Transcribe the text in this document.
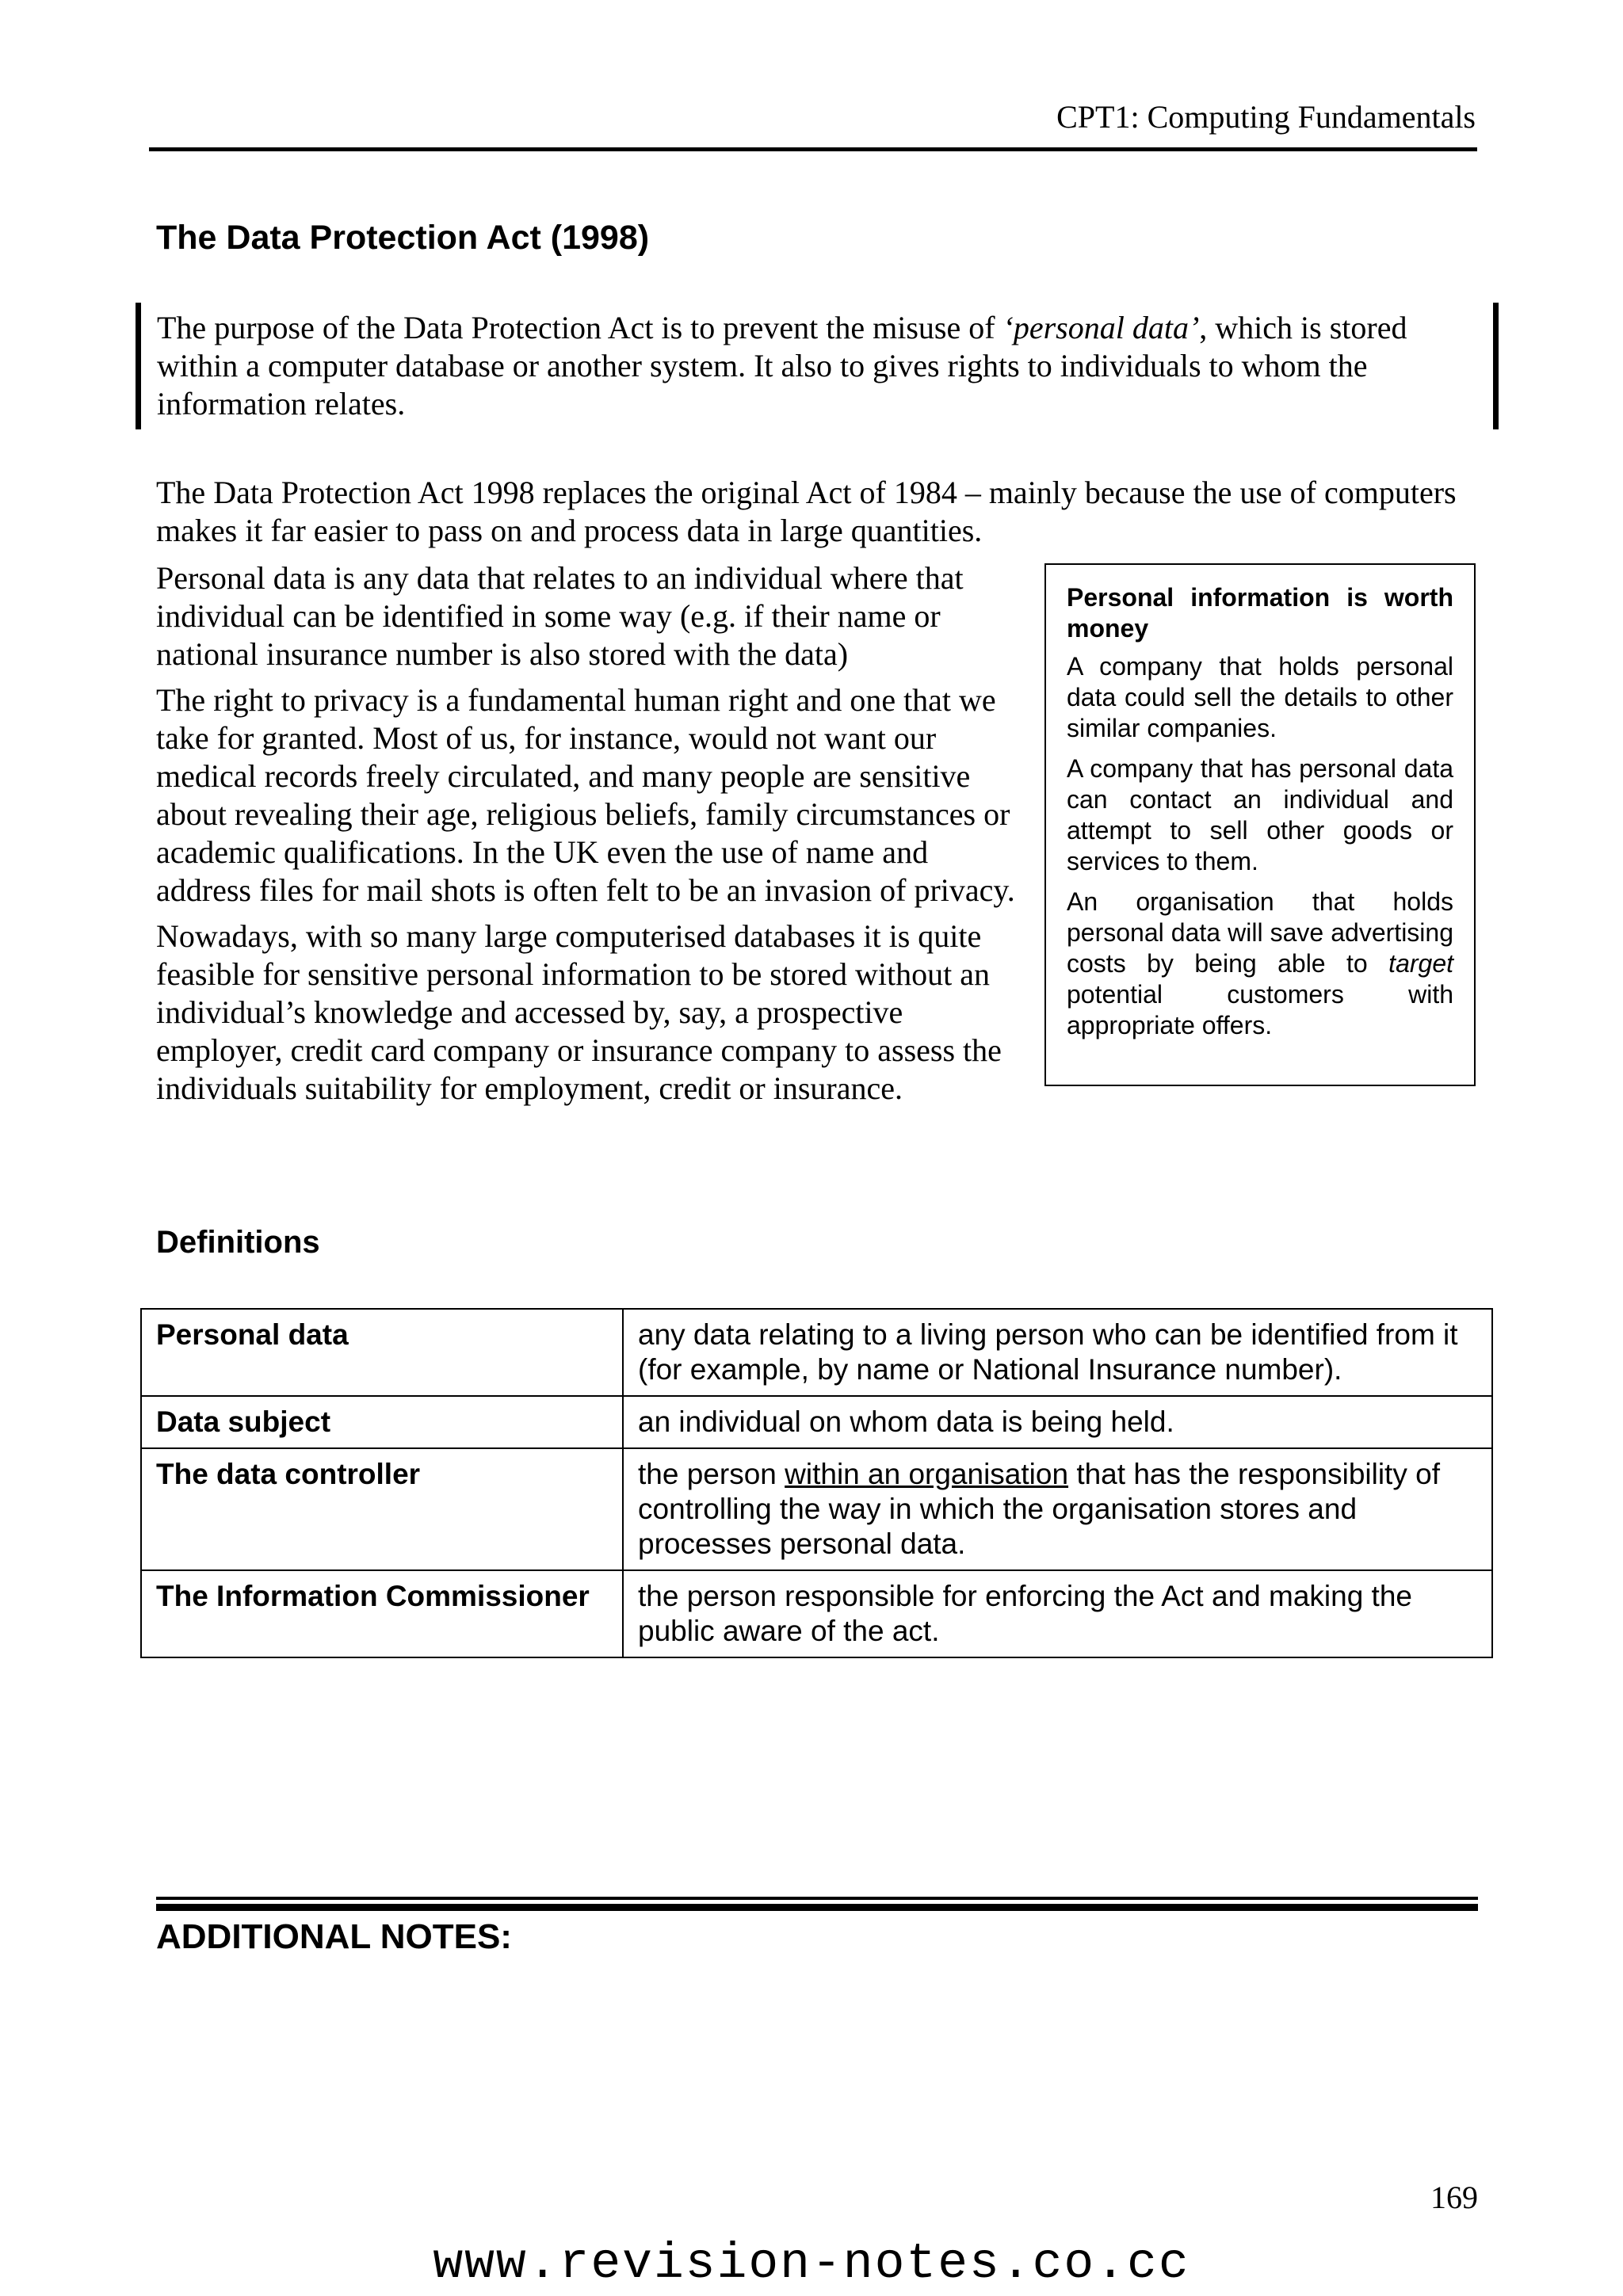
CPT1: Computing Fundamentals
The Data Protection Act (1998)
The purpose of the Data Protection Act is to prevent the misuse of ‘personal data’, which is stored within a computer database or another system. It also to gives rights to individuals to whom the information relates.

The Data Protection Act 1998 replaces the original Act of 1984 – mainly because the use of computers makes it far easier to pass on and process data in large quantities.

Personal data is any data that relates to an individual where that individual can be identified in some way (e.g. if their name or national insurance number is also stored with the data)

The right to privacy is a fundamental human right and one that we take for granted. Most of us, for instance, would not want our medical records freely circulated, and many people are sensitive about revealing their age, religious beliefs, family circumstances or academic qualifications. In the UK even the use of name and address files for mail shots is often felt to be an invasion of privacy.

Nowadays, with so many large computerised databases it is quite feasible for sensitive personal information to be stored without an individual’s knowledge and accessed by, say, a prospective employer, credit card company or insurance company to assess the individuals suitability for employment, credit or insurance.

Personal information is worth money

A company that holds personal data could sell the details to other similar companies.

A company that has personal data can contact an individual and attempt to sell other goods or services to them.

An organisation that holds personal data will save advertising costs by being able to target potential customers with appropriate offers.

Definitions
Personal data	any data relating to a living person who can be identified from it (for example, by name or National Insurance number).
Data subject	an individual on whom data is being held.
The data controller	the person within an organisation that has the responsibility of controlling the way in which the organisation stores and processes personal data.
The Information Commissioner	the person responsible for enforcing the Act and making the public aware of the act.
ADDITIONAL NOTES:
169
www.revision-notes.co.cc
